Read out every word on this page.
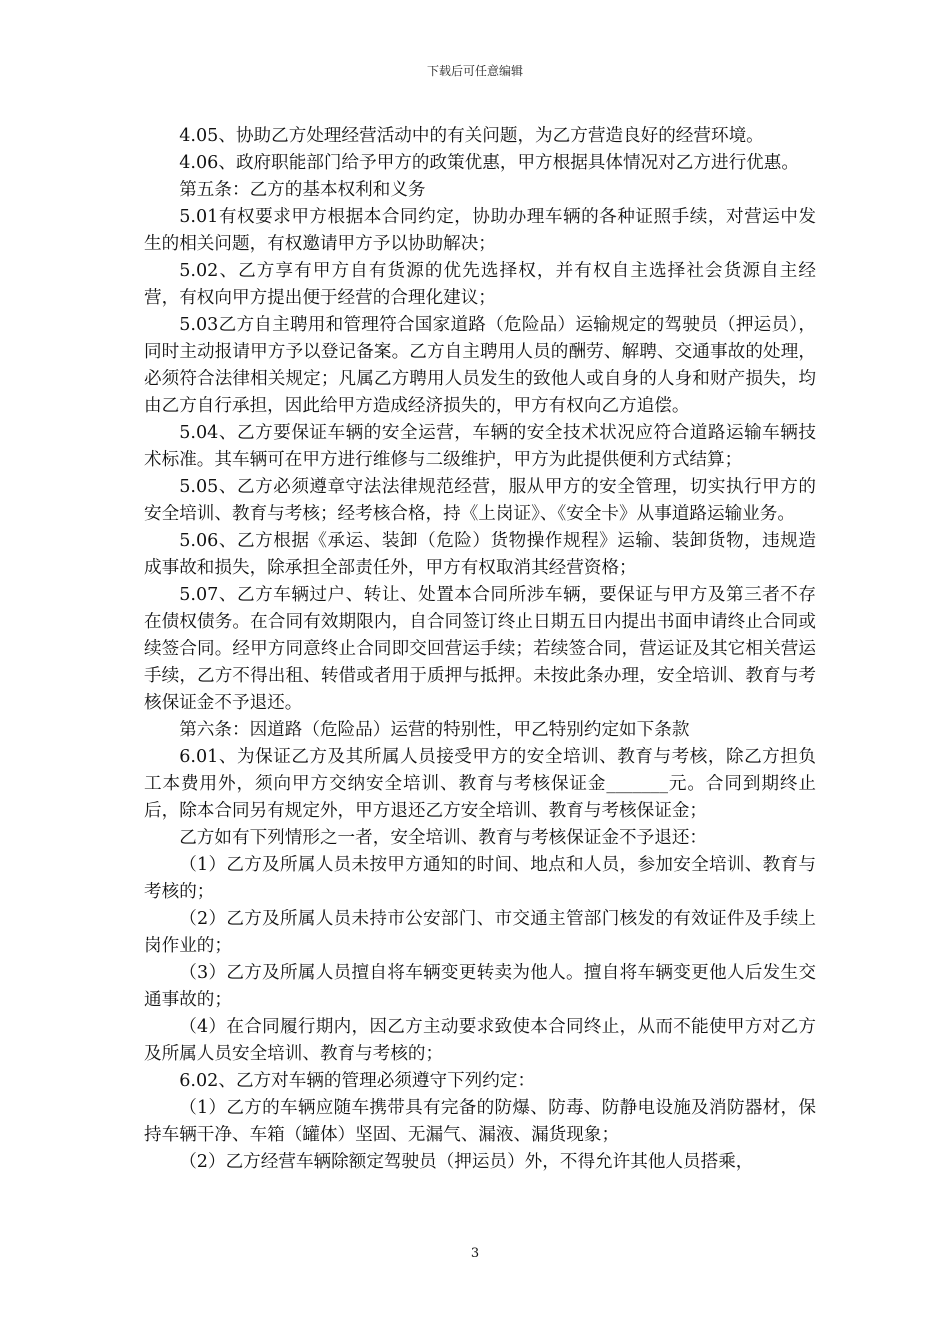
下载后可任意编辑

4.05、协助乙方处理经营活动中的有关问题，为乙方营造良好的经营环境。

4.06、政府职能部门给予甲方的政策优惠，甲方根据具体情况对乙方进行优惠。

第五条：乙方的基本权利和义务

5.01有权要求甲方根据本合同约定，协助办理车辆的各种证照手续，对营运中发生的相关问题，有权邀请甲方予以协助解决；

5.02、乙方享有甲方自有货源的优先选择权，并有权自主选择社会货源自主经营，有权向甲方提出便于经营的合理化建议；

5.03乙方自主聘用和管理符合国家道路（危险品）运输规定的驾驶员（押运员），同时主动报请甲方予以登记备案。乙方自主聘用人员的酬劳、解聘、交通事故的处理，必须符合法律相关规定；凡属乙方聘用人员发生的致他人或自身的人身和财产损失，均由乙方自行承担，因此给甲方造成经济损失的，甲方有权向乙方追偿。

5.04、乙方要保证车辆的安全运营，车辆的安全技术状况应符合道路运输车辆技术标准。其车辆可在甲方进行维修与二级维护，甲方为此提供便利方式结算；

5.05、乙方必须遵章守法法律规范经营，服从甲方的安全管理，切实执行甲方的安全培训、教育与考核；经考核合格，持《上岗证》、《安全卡》从事道路运输业务。

5.06、乙方根据《承运、装卸（危险）货物操作规程》运输、装卸货物，违规造成事故和损失，除承担全部责任外，甲方有权取消其经营资格；

5.07、乙方车辆过户、转让、处置本合同所涉车辆，要保证与甲方及第三者不存在债权债务。在合同有效期限内，自合同签订终止日期五日内提出书面申请终止合同或续签合同。经甲方同意终止合同即交回营运手续；若续签合同，营运证及其它相关营运手续，乙方不得出租、转借或者用于质押与抵押。未按此条办理，安全培训、教育与考核保证金不予退还。

第六条：因道路（危险品）运营的特别性，甲乙特别约定如下条款

6.01、为保证乙方及其所属人员接受甲方的安全培训、教育与考核，除乙方担负工本费用外，须向甲方交纳安全培训、教育与考核保证金_______元。合同到期终止后，除本合同另有规定外，甲方退还乙方安全培训、教育与考核保证金；

乙方如有下列情形之一者，安全培训、教育与考核保证金不予退还：

（1）乙方及所属人员未按甲方通知的时间、地点和人员，参加安全培训、教育与考核的；

（2）乙方及所属人员未持市公安部门、市交通主管部门核发的有效证件及手续上岗作业的；

（3）乙方及所属人员擅自将车辆变更转卖为他人。擅自将车辆变更他人后发生交通事故的；

（4）在合同履行期内，因乙方主动要求致使本合同终止，从而不能使甲方对乙方及所属人员安全培训、教育与考核的；

6.02、乙方对车辆的管理必须遵守下列约定：

（1）乙方的车辆应随车携带具有完备的防爆、防毒、防静电设施及消防器材，保持车辆干净、车箱（罐体）坚固、无漏气、漏液、漏货现象；

（2）乙方经营车辆除额定驾驶员（押运员）外，不得允许其他人员搭乘，

3
